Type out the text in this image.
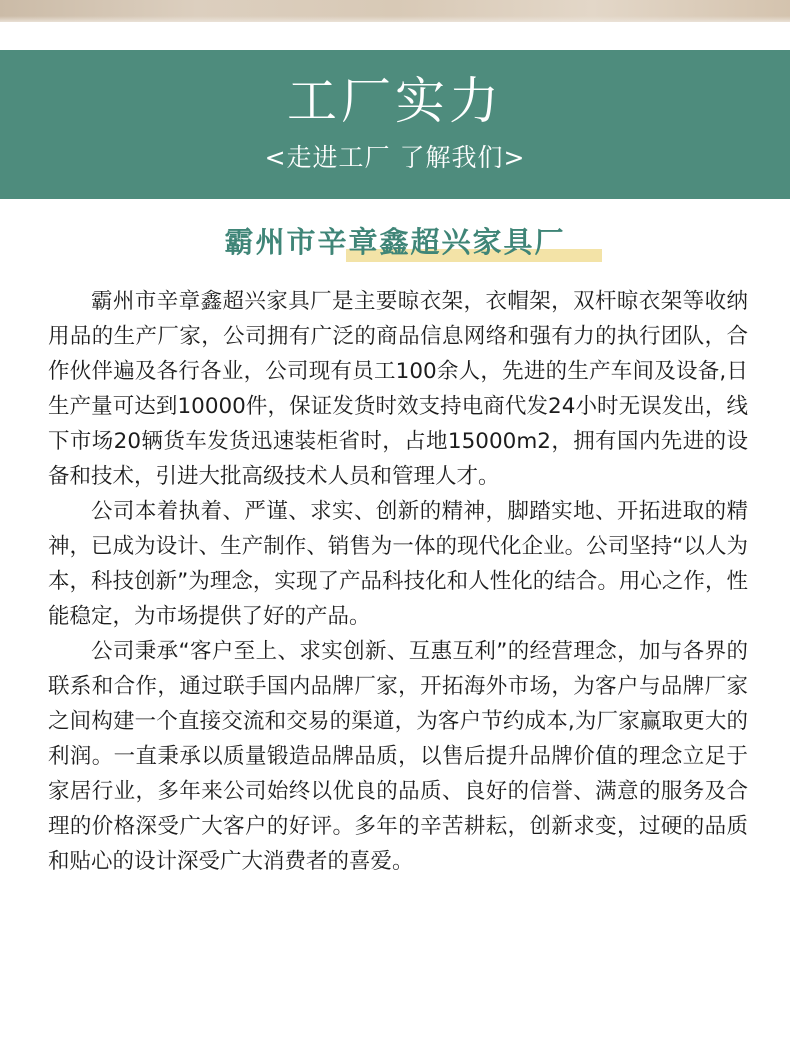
工厂实力
<走进工厂 了解我们>
霸州市辛章鑫超兴家具厂

霸州市辛章鑫超兴家具厂是主要晾衣架，衣帽架，双杆晾衣架等收纳用品的生产厂家，公司拥有广泛的商品信息网络和强有力的执行团队，合作伙伴遍及各行各业，公司现有员工100余人，先进的生产车间及设备,日生产量可达到10000件，保证发货时效支持电商代发24小时无误发出，线下市场20辆货车发货迅速装柜省时，占地15000m2，拥有国内先进的设备和技术，引进大批高级技术人员和管理人才。

公司本着执着、严谨、求实、创新的精神，脚踏实地、开拓进取的精神，已成为设计、生产制作、销售为一体的现代化企业。公司坚持“以人为本，科技创新”为理念，实现了产品科技化和人性化的结合。用心之作，性能稳定，为市场提供了好的产品。

公司秉承“客户至上、求实创新、互惠互利”的经营理念，加与各界的联系和合作，通过联手国内品牌厂家，开拓海外市场，为客户与品牌厂家之间构建一个直接交流和交易的渠道，为客户节约成本,为厂家赢取更大的利润。一直秉承以质量锻造品牌品质，以售后提升品牌价值的理念立足于家居行业，多年来公司始终以优良的品质、良好的信誉、满意的服务及合理的价格深受广大客户的好评。多年的辛苦耕耘，创新求变，过硬的品质和贴心的设计深受广大消费者的喜爱。
